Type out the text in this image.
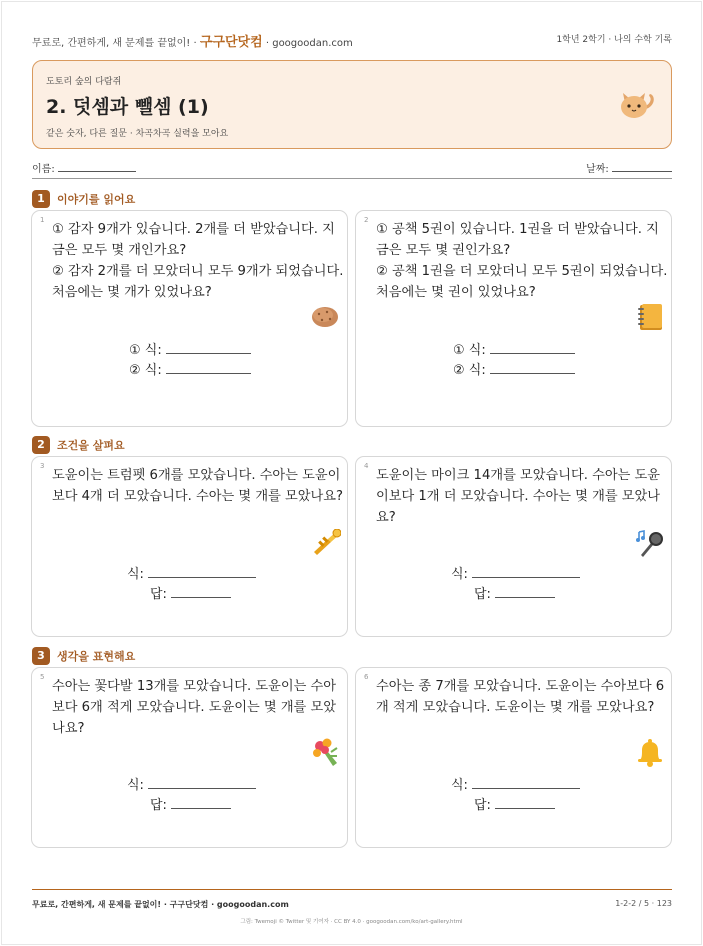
무료로, 간편하게, 새 문제를 끝없이! · 구구단닷컴 · googoodan.com	1학년 2학기 · 나의 수학 기록
도토리 숲의 다람쥐
2. 덧셈과 뺄셈 (1)
같은 숫자, 다른 질문 · 차곡차곡 실력을 모아요
이름:	날짜:
1 이야기를 읽어요
1
① 감자 9개가 있습니다. 2개를 더 받았습니다. 지금은 모두 몇 개인가요?
② 감자 2개를 더 모았더니 모두 9개가 되었습니다. 처음에는 몇 개가 있었나요?
① 식:
② 식:
2
① 공책 5권이 있습니다. 1권을 더 받았습니다. 지금은 모두 몇 권인가요?
② 공책 1권을 더 모았더니 모두 5권이 되었습니다. 처음에는 몇 권이 있었나요?
① 식:
② 식:
2 조건을 살펴요
3
도윤이는 트럼펫 6개를 모았습니다. 수아는 도윤이보다 4개 더 모았습니다. 수아는 몇 개를 모았나요?
식:
답:
4
도윤이는 마이크 14개를 모았습니다. 수아는 도윤이보다 1개 더 모았습니다. 수아는 몇 개를 모았나요?
식:
답:
3 생각을 표현해요
5
수아는 꽃다발 13개를 모았습니다. 도윤이는 수아보다 6개 적게 모았습니다. 도윤이는 몇 개를 모았나요?
식:
답:
6
수아는 종 7개를 모았습니다. 도윤이는 수아보다 6개 적게 모았습니다. 도윤이는 몇 개를 모았나요?
식:
답:
무료로, 간편하게, 새 문제를 끝없이! · 구구단닷컴 · googoodan.com	1-2-2 / 5 · 123
그림: Twemoji © Twitter 및 기여자 · CC BY 4.0 · googoodan.com/ko/art-gallery.html
